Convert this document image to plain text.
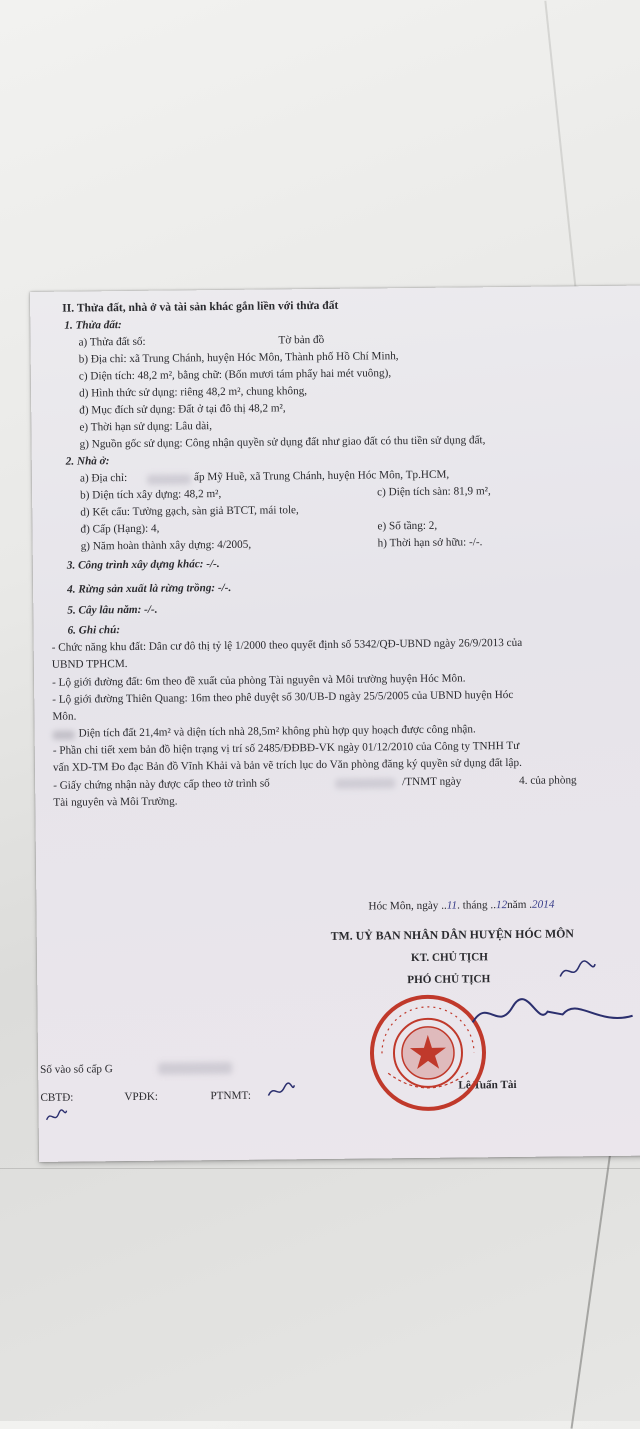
II. Thửa đất, nhà ở và tài sản khác gắn liền với thửa đất
1. Thửa đất:
a) Thửa đất số:	Tờ bản đồ
b) Địa chỉ: xã Trung Chánh, huyện Hóc Môn, Thành phố Hồ Chí Minh,
c) Diện tích: 48,2 m², bằng chữ: (Bốn mươi tám phẩy hai mét vuông),
d) Hình thức sử dụng: riêng 48,2 m², chung không,
đ) Mục đích sử dụng: Đất ở tại đô thị 48,2 m²,
e) Thời hạn sử dụng: Lâu dài,
g) Nguồn gốc sử dụng: Công nhận quyền sử dụng đất như giao đất có thu tiền sử dụng đất,
2. Nhà ở:
a) Địa chỉ:	ấp Mỹ Huề, xã Trung Chánh, huyện Hóc Môn, Tp.HCM,
b) Diện tích xây dựng: 48,2 m²,	c) Diện tích sàn: 81,9 m²,
d) Kết cấu: Tường gạch, sàn giả BTCT, mái tole,
đ) Cấp (Hạng): 4,	e) Số tầng: 2,
g) Năm hoàn thành xây dựng: 4/2005,	h) Thời hạn sở hữu: -/-.
3. Công trình xây dựng khác: -/-.
4. Rừng sản xuất là rừng trồng: -/-.
5. Cây lâu năm: -/-.
6. Ghi chú:
- Chức năng khu đất: Dân cư đô thị tỷ lệ 1/2000 theo quyết định số 5342/QĐ-UBND ngày 26/9/2013 của
UBND TPHCM.
- Lộ giới đường đất: 6m theo đề xuất của phòng Tài nguyên và Môi trường huyện Hóc Môn.
- Lộ giới đường Thiên Quang: 16m theo phê duyệt số 30/UB-D ngày 25/5/2005 của UBND huyện Hóc
Môn.
Diện tích đất 21,4m² và diện tích nhà 28,5m² không phù hợp quy hoạch được công nhận.
- Phần chi tiết xem bản đồ hiện trạng vị trí số 2485/ĐĐBĐ-VK ngày 01/12/2010 của Công ty TNHH Tư
vấn XD-TM Đo đạc Bản đồ Vĩnh Khải và bản vẽ trích lục do Văn phòng đăng ký quyền sử dụng đất lập.
- Giấy chứng nhận này được cấp theo tờ trình số	/TNMT ngày	4. của phòng
Tài nguyên và Môi Trường.
Hóc Môn, ngày ..11. tháng ..12năm .2014
TM. UỶ BAN NHÂN DÂN HUYỆN HÓC MÔN
KT. CHỦ TỊCH
PHÓ CHỦ TỊCH
Lê Tuấn Tài
Số vào sổ cấp G
CBTĐ:	VPĐK:	PTNMT:
